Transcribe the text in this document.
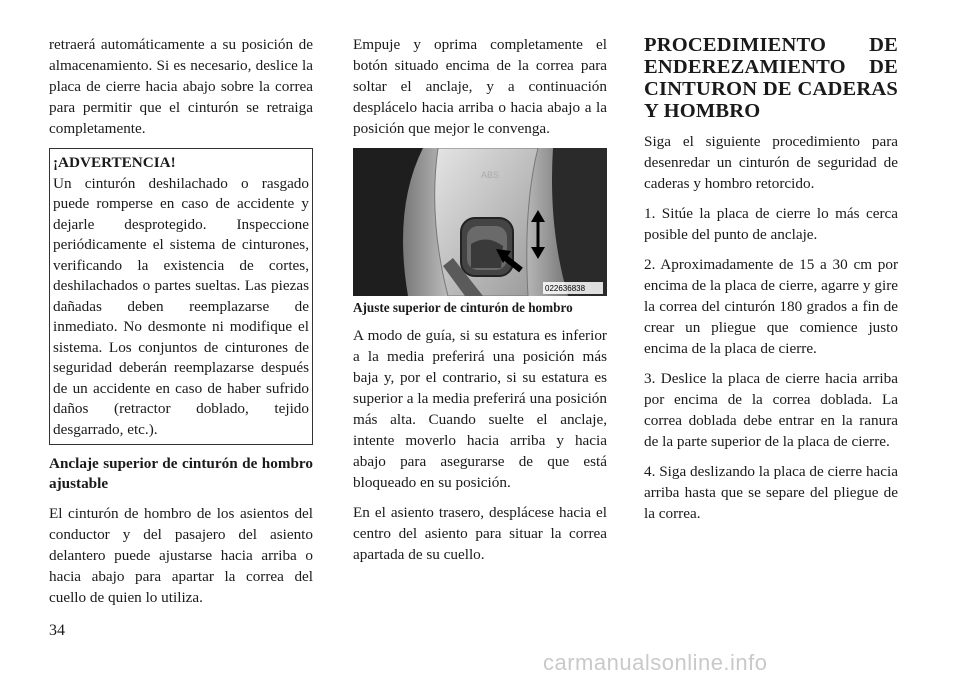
retraerá automáticamente a su posición de almacenamiento. Si es necesario, deslice la placa de cierre hacia abajo sobre la correa para permitir que el cinturón se retraiga completamente.

¡ADVERTENCIA!
Un cinturón deshilachado o rasgado puede romperse en caso de accidente y dejarle desprotegido. Inspeccione periódicamente el sistema de cinturones, verificando la existencia de cortes, deshilachados o partes sueltas. Las piezas dañadas deben reemplazarse de inmediato. No desmonte ni modifique el sistema. Los conjuntos de cinturones de seguridad deberán reemplazarse después de un accidente en caso de haber sufrido daños (retractor doblado, tejido desgarrado, etc.).

Anclaje superior de cinturón de hombro ajustable

El cinturón de hombro de los asientos del conductor y del pasajero del asiento delantero puede ajustarse hacia arriba o hacia abajo para apartar la correa del cuello de quien lo utiliza.

Empuje y oprima completamente el botón situado encima de la correa para soltar el anclaje, y a continuación desplácelo hacia arriba o hacia abajo a la posición que mejor le convenga.

ABS
022636838

Ajuste superior de cinturón de hombro

A modo de guía, si su estatura es inferior a la media preferirá una posición más baja y, por el contrario, si su estatura es superior a la media preferirá una posición más alta. Cuando suelte el anclaje, intente moverlo hacia arriba y hacia abajo para asegurarse de que está bloqueado en su posición.

En el asiento trasero, desplácese hacia el centro del asiento para situar la correa apartada de su cuello.

PROCEDIMIENTO DE ENDEREZAMIENTO DE CINTURON DE CADERAS Y HOMBRO

Siga el siguiente procedimiento para desenredar un cinturón de seguridad de caderas y hombro retorcido.

1. Sitúe la placa de cierre lo más cerca posible del punto de anclaje.

2. Aproximadamente de 15 a 30 cm por encima de la placa de cierre, agarre y gire la correa del cinturón 180 grados a fin de crear un pliegue que comience justo encima de la placa de cierre.

3. Deslice la placa de cierre hacia arriba por encima de la correa doblada. La correa doblada debe entrar en la ranura de la parte superior de la placa de cierre.

4. Siga deslizando la placa de cierre hacia arriba hasta que se separe del pliegue de la correa.

34
carmanualsonline.info
